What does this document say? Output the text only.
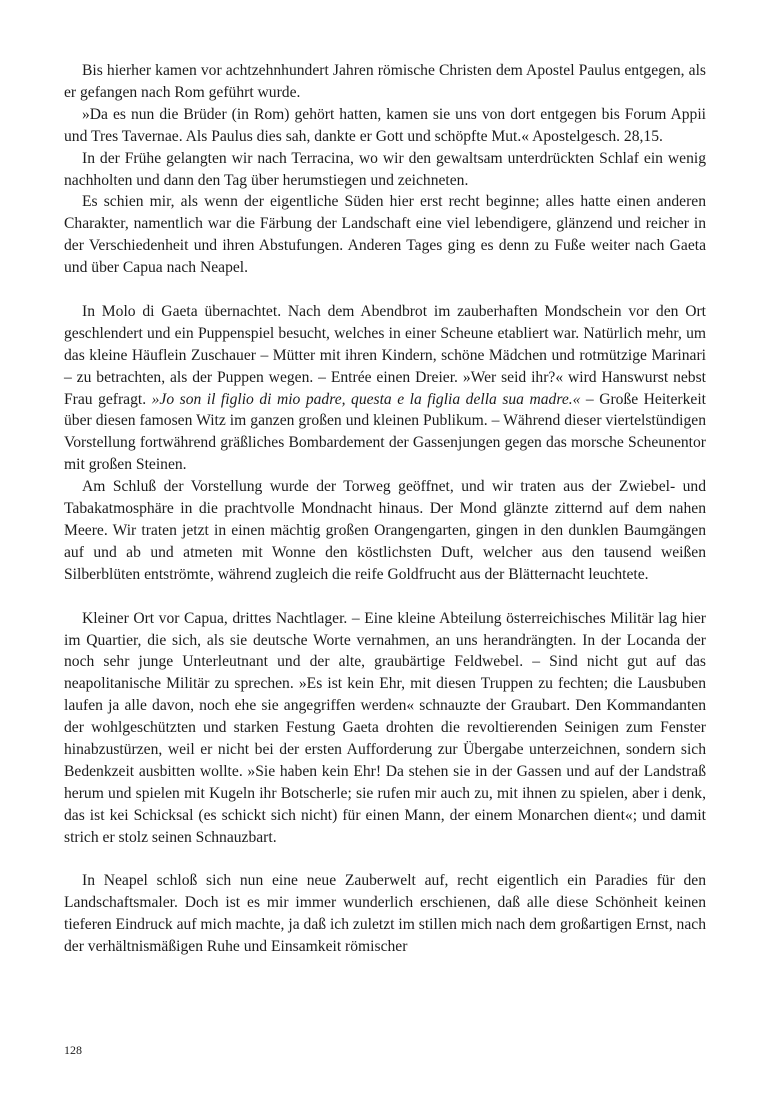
Bis hierher kamen vor achtzehnhundert Jahren römische Christen dem Apostel Paulus entgegen, als er gefangen nach Rom geführt wurde.

»Da es nun die Brüder (in Rom) gehört hatten, kamen sie uns von dort entgegen bis Forum Appii und Tres Tavernae. Als Paulus dies sah, dankte er Gott und schöpfte Mut.« Apostelgesch. 28,15.

In der Frühe gelangten wir nach Terracina, wo wir den gewaltsam unterdrückten Schlaf ein wenig nachholten und dann den Tag über herumstiegen und zeichneten.

Es schien mir, als wenn der eigentliche Süden hier erst recht beginne; alles hatte einen anderen Charakter, namentlich war die Färbung der Landschaft eine viel lebendigere, glänzend und reicher in der Verschiedenheit und ihren Abstufungen. Anderen Tages ging es denn zu Fuße weiter nach Gaeta und über Capua nach Neapel.

In Molo di Gaeta übernachtet. Nach dem Abendbrot im zauberhaften Mondschein vor den Ort geschlendert und ein Puppenspiel besucht, welches in einer Scheune etabliert war. Natürlich mehr, um das kleine Häuflein Zuschauer – Mütter mit ihren Kindern, schöne Mädchen und rotmützige Marinari – zu betrachten, als der Puppen wegen. – Entrée einen Dreier. »Wer seid ihr?« wird Hanswurst nebst Frau gefragt. »Jo son il figlio di mio padre, questa e la figlia della sua madre.« – Große Heiterkeit über diesen famosen Witz im ganzen großen und kleinen Publikum. – Während dieser viertelstündigen Vorstellung fortwährend gräßliches Bombardement der Gassenjungen gegen das morsche Scheunentor mit großen Steinen.

Am Schluß der Vorstellung wurde der Torweg geöffnet, und wir traten aus der Zwiebel- und Tabakatmosphäre in die prachtvolle Mondnacht hinaus. Der Mond glänzte zitternd auf dem nahen Meere. Wir traten jetzt in einen mächtig großen Orangengarten, gingen in den dunklen Baumgängen auf und ab und atmeten mit Wonne den köstlichsten Duft, welcher aus den tausend weißen Silberblüten entströmte, während zugleich die reife Goldfrucht aus der Blätternacht leuchtete.

Kleiner Ort vor Capua, drittes Nachtlager. – Eine kleine Abteilung österreichisches Militär lag hier im Quartier, die sich, als sie deutsche Worte vernahmen, an uns herandrängten. In der Locanda der noch sehr junge Unterleutnant und der alte, graubärtige Feldwebel. – Sind nicht gut auf das neapolitanische Militär zu sprechen. »Es ist kein Ehr, mit diesen Truppen zu fechten; die Lausbuben laufen ja alle davon, noch ehe sie angegriffen werden« schnauzte der Graubart. Den Kommandanten der wohlgeschützten und starken Festung Gaeta drohten die revoltierenden Seinigen zum Fenster hinabzustürzen, weil er nicht bei der ersten Aufforderung zur Übergabe unterzeichnen, sondern sich Bedenkzeit ausbitten wollte. »Sie haben kein Ehr! Da stehen sie in der Gassen und auf der Landstraß herum und spielen mit Kugeln ihr Botscherle; sie rufen mir auch zu, mit ihnen zu spielen, aber i denk, das ist kei Schicksal (es schickt sich nicht) für einen Mann, der einem Monarchen dient«; und damit strich er stolz seinen Schnauzbart.

In Neapel schloß sich nun eine neue Zauberwelt auf, recht eigentlich ein Paradies für den Landschaftsmaler. Doch ist es mir immer wunderlich erschienen, daß alle diese Schönheit keinen tieferen Eindruck auf mich machte, ja daß ich zuletzt im stillen mich nach dem großartigen Ernst, nach der verhältnismäßigen Ruhe und Einsamkeit römischer

128
